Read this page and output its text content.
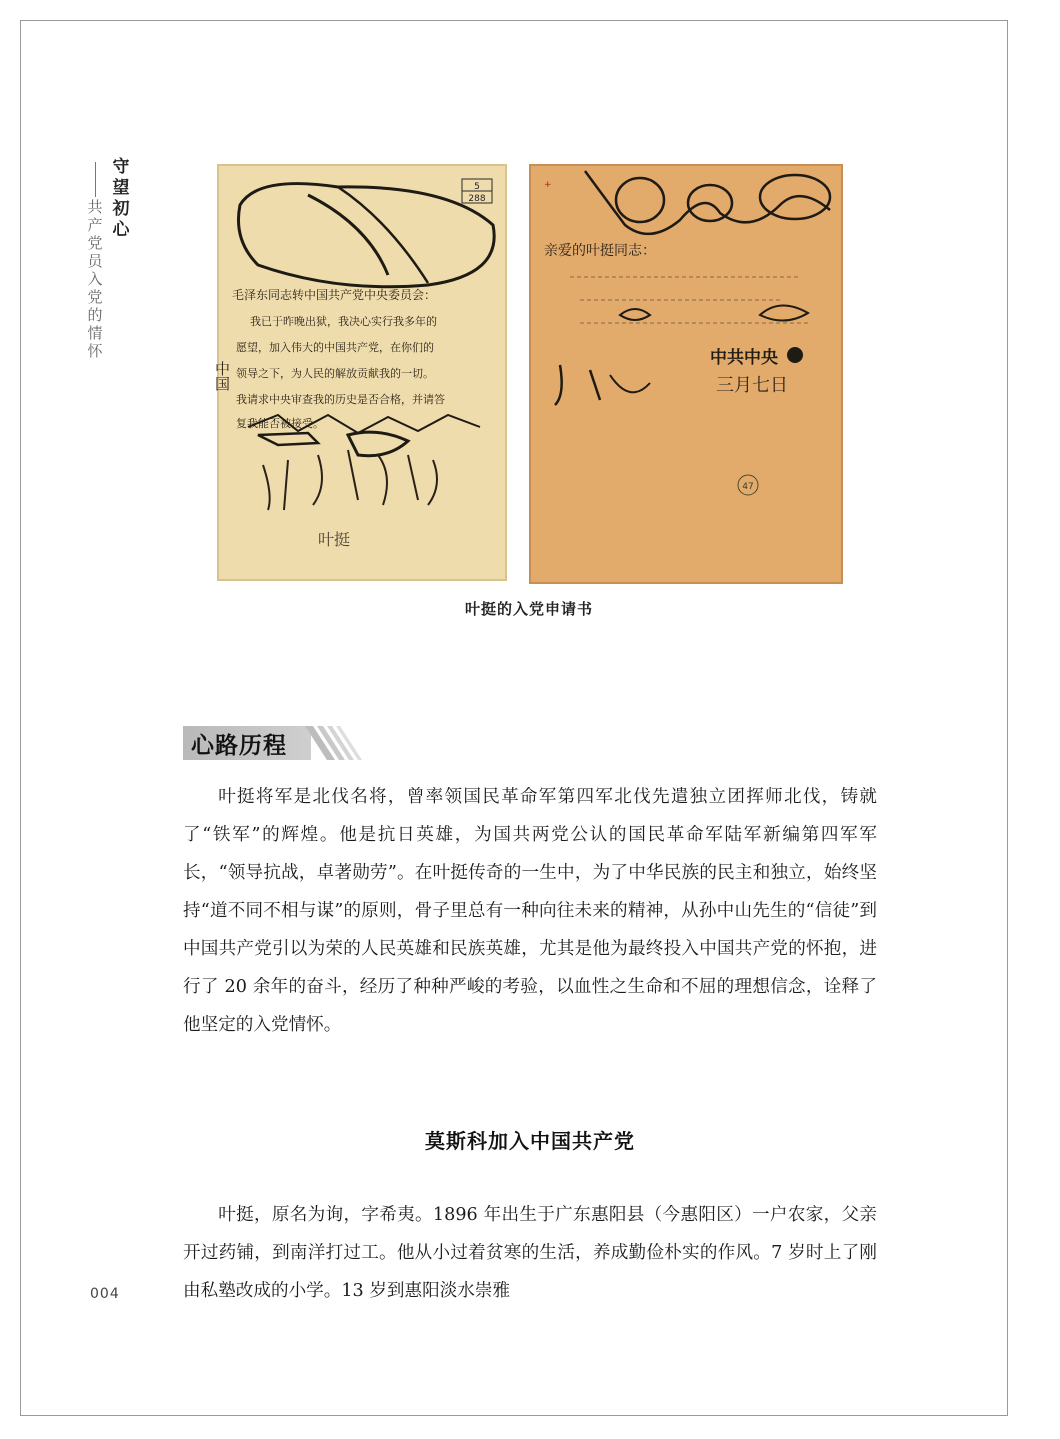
守
望
初
心
共
产
党
员
入
党
的
情
怀
5
288
毛泽东同志转中国共产党中央委员会：
我已于昨晚出狱，我决心实行我多年的
愿望，加入伟大的中国共产党，在你们的
领导之下，为人民的解放贡献我的一切。
我请求中央审查我的历史是否合格，并请答
复我能否被接受。
中国
叶挺
+
亲爱的叶挺同志：
中共中央
三月七日
47
叶挺的入党申请书
心路历程

叶挺将军是北伐名将，曾率领国民革命军第四军北伐先遣独立团挥师北伐，铸就了“铁军”的辉煌。他是抗日英雄，为国共两党公认的国民革命军陆军新编第四军军长，“领导抗战，卓著勋劳”。在叶挺传奇的一生中，为了中华民族的民主和独立，始终坚持“道不同不相与谋”的原则，骨子里总有一种向往未来的精神，从孙中山先生的“信徒”到中国共产党引以为荣的人民英雄和民族英雄，尤其是他为最终投入中国共产党的怀抱，进行了 20 余年的奋斗，经历了种种严峻的考验，以血性之生命和不屈的理想信念，诠释了他坚定的入党情怀。

莫斯科加入中国共产党

叶挺，原名为询，字希夷。1896 年出生于广东惠阳县（今惠阳区）一户农家，父亲开过药铺，到南洋打过工。他从小过着贫寒的生活，养成勤俭朴实的作风。7 岁时上了刚由私塾改成的小学。13 岁到惠阳淡水崇雅

004
